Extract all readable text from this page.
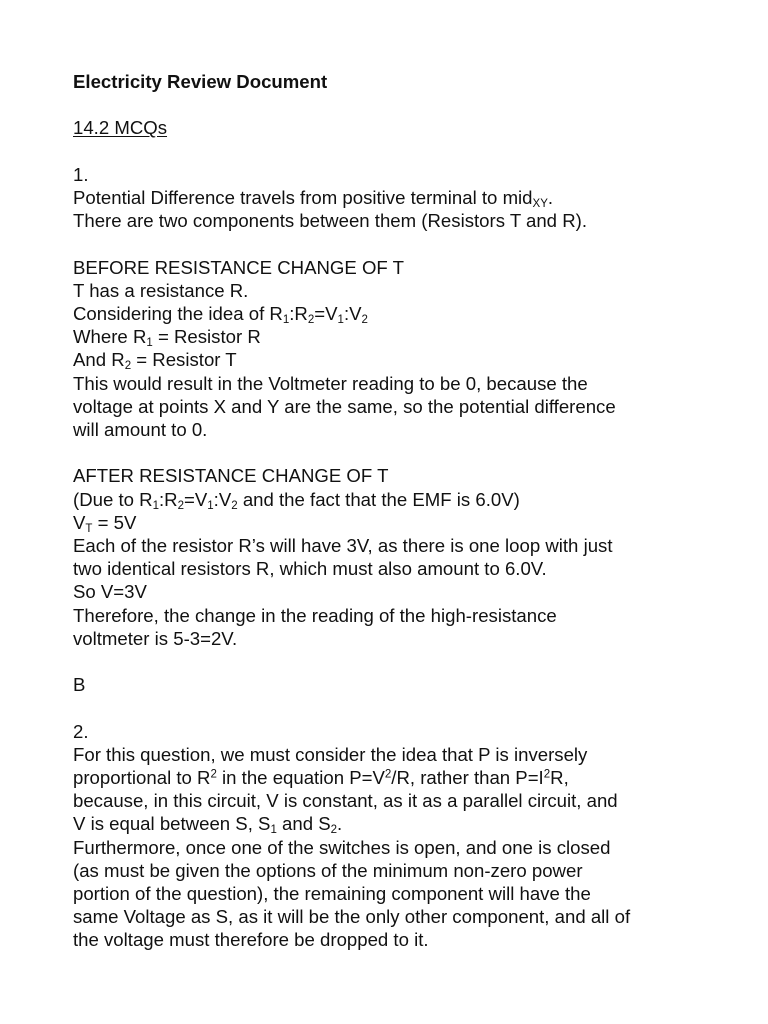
Electricity Review Document
14.2 MCQs
1.
Potential Difference travels from positive terminal to mid$_{XY}$.
There are two components between them (Resistors T and R).
BEFORE RESISTANCE CHANGE OF T
T has a resistance R.
Considering the idea of $R_1:R_2=V_1:V_2$
Where $R_1$ = Resistor R
And $R_2$ = Resistor T
This would result in the Voltmeter reading to be 0, because the
voltage at points X and Y are the same, so the potential difference
will amount to 0.
AFTER RESISTANCE CHANGE OF T
(Due to $R_1:R_2=V_1:V_2$ and the fact that the EMF is 6.0V)
$V_T = 5V$
Each of the resistor R’s will have 3V, as there is one loop with just
two identical resistors R, which must also amount to 6.0V.
So V=3V
Therefore, the change in the reading of the high-resistance
voltmeter is 5-3=2V.
B
2.
For this question, we must consider the idea that P is inversely
proportional to $R^2$ in the equation $P=V^2/R$, rather than $P=I^2R$,
because, in this circuit, V is constant, as it as a parallel circuit, and
V is equal between S, $S_1$ and $S_2$.
Furthermore, once one of the switches is open, and one is closed
(as must be given the options of the minimum non-zero power
portion of the question), the remaining component will have the
same Voltage as S, as it will be the only other component, and all of
the voltage must therefore be dropped to it.
